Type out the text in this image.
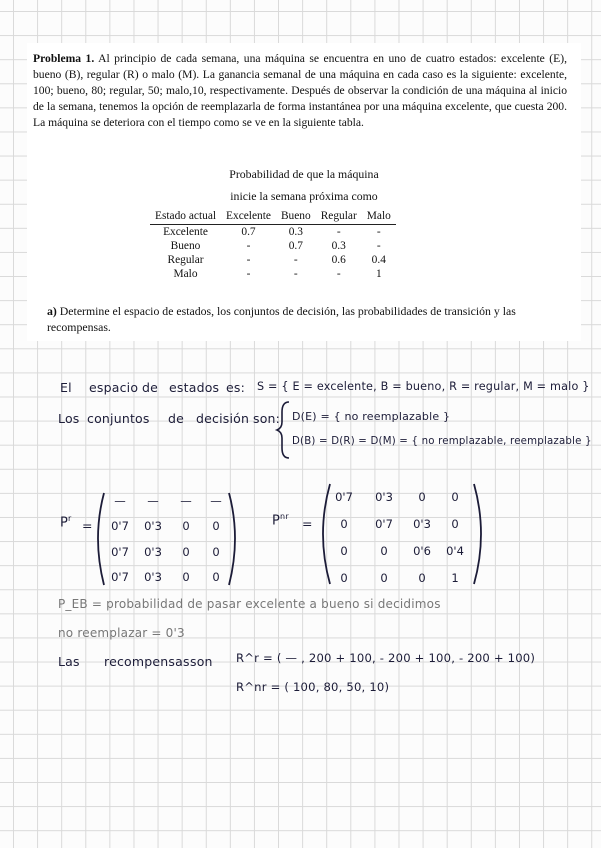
Problema 1. Al principio de cada semana, una máquina se encuentra en uno de cuatro estados: excelente (E), bueno (B), regular (R) o malo (M). La ganancia semanal de una máquina en cada caso es la siguiente: excelente, 100; bueno, 80; regular, 50; malo,10, respectivamente. Después de observar la condición de una máquina al inicio de la semana, tenemos la opción de reemplazarla de forma instantánea por una máquina excelente, que cuesta 200. La máquina se deteriora con el tiempo como se ve en la siguiente tabla.
Probabilidad de que la máquina
inicie la semana próxima como
Estado actual	Excelente	Bueno	Regular	Malo
Excelente	0.7	0.3	-	-
Bueno	-	0.7	0.3	-
Regular	-	-	0.6	0.4
Malo	-	-	-	1
a) Determine el espacio de estados, los conjuntos de decisión, las probabilidades de transición y las recompensas.
El espacio de estados es: S = { E = excelente, B = bueno, R = regular, M = malo }
Los conjuntos de decisión son: D(E) = { no reemplazable }
D(B) = D(R) = D(M) = { no remplazable, reemplazable }
$P^r$ =
—	—	—	—
0'7	0'3	0	0
0'7	0'3	0	0
0'7	0'3	0	0
$P^{nr}$ =
0'7	0'3	0	0
0	0'7	0'3	0
0	0	0'6	0'4
0	0	0	1
P_EB = probabilidad de pasar excelente a bueno si decidimos
no reemplazar = 0'3
Las recompensas son R^r = ( — , 200 + 100, - 200 + 100, - 200 + 100)
R^nr = ( 100, 80, 50, 10)
